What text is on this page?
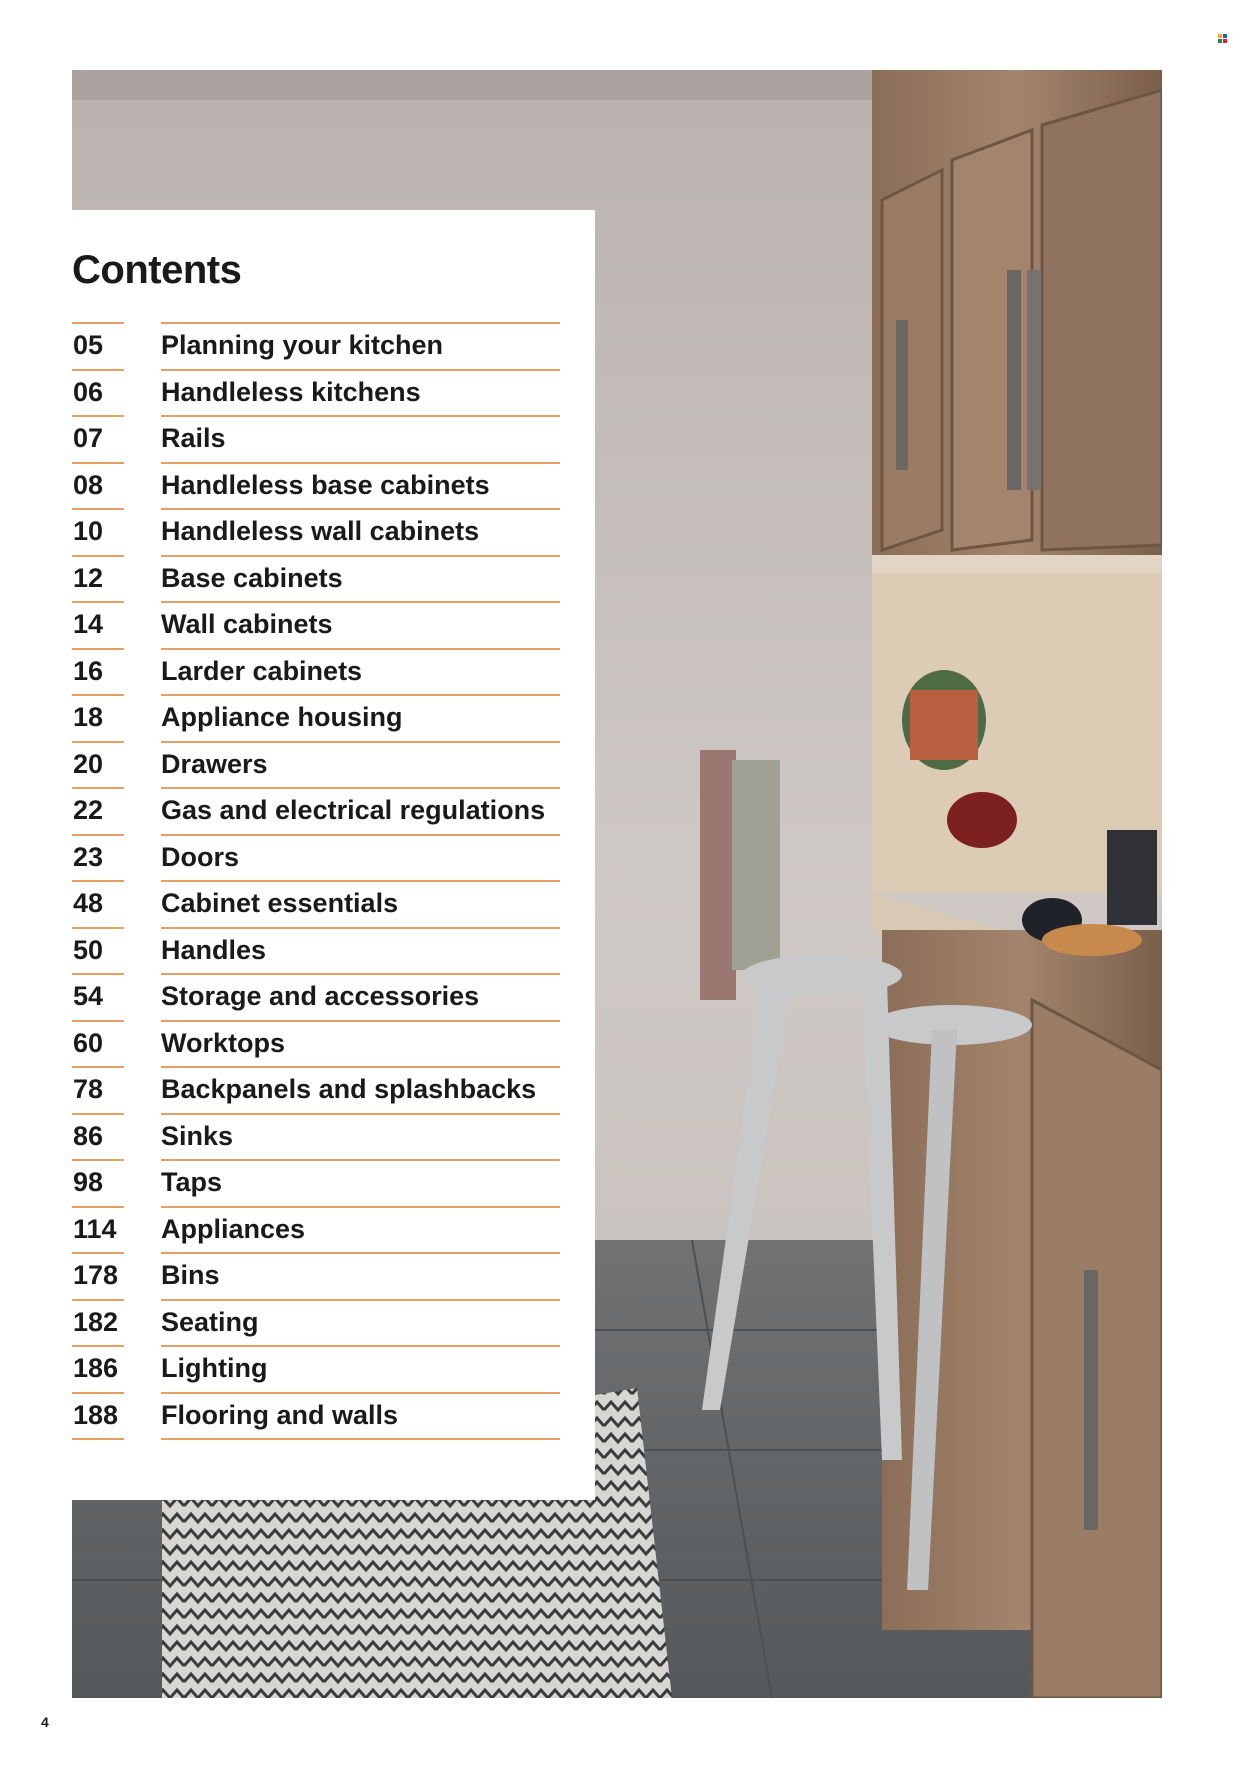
Contents
05	Planning your kitchen
06	Handleless kitchens
07	Rails
08	Handleless base cabinets
10	Handleless wall cabinets
12	Base cabinets
14	Wall cabinets
16	Larder cabinets
18	Appliance housing
20	Drawers
22	Gas and electrical regulations
23	Doors
48	Cabinet essentials
50	Handles
54	Storage and accessories
60	Worktops
78	Backpanels and splashbacks
86	Sinks
98	Taps
114 Appliances
178 Bins
182 Seating
186 Lighting
188 Flooring and walls
4
